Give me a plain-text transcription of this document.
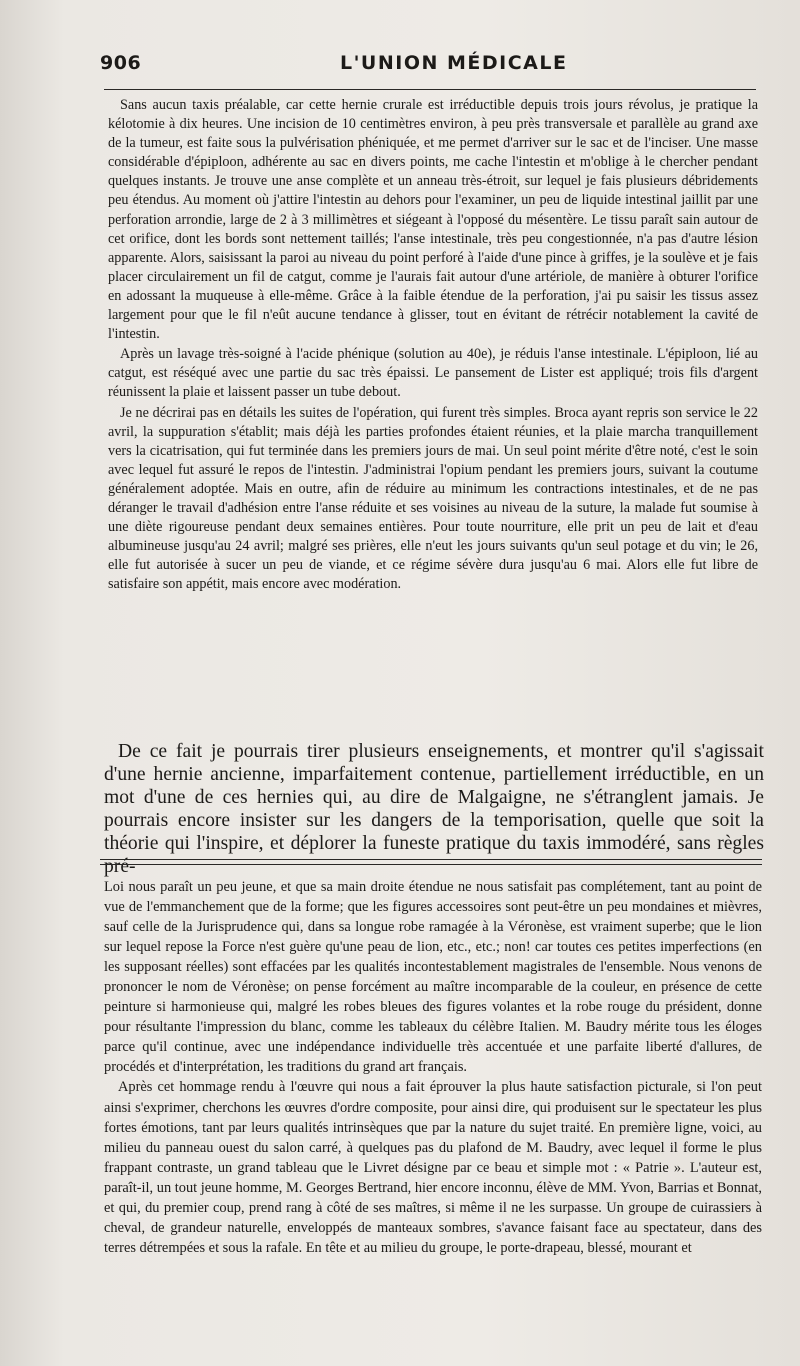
906	L'UNION MÉDICALE

Sans aucun taxis préalable, car cette hernie crurale est irréductible depuis trois jours révolus, je pratique la kélotomie à dix heures. Une incision de 10 centimètres environ, à peu près transversale et parallèle au grand axe de la tumeur, est faite sous la pulvérisation phéniquée, et me permet d'arriver sur le sac et de l'inciser. Une masse considérable d'épiploon, adhérente au sac en divers points, me cache l'intestin et m'oblige à le chercher pendant quelques instants. Je trouve une anse complète et un anneau très-étroit, sur lequel je fais plusieurs débridements peu étendus. Au moment où j'attire l'intestin au dehors pour l'examiner, un peu de liquide intestinal jaillit par une perforation arrondie, large de 2 à 3 millimètres et siégeant à l'opposé du mésentère. Le tissu paraît sain autour de cet orifice, dont les bords sont nettement taillés; l'anse intestinale, très peu congestionnée, n'a pas d'autre lésion apparente. Alors, saisissant la paroi au niveau du point perforé à l'aide d'une pince à griffes, je la soulève et je fais placer circulairement un fil de catgut, comme je l'aurais fait autour d'une artériole, de manière à obturer l'orifice en adossant la muqueuse à elle-même. Grâce à la faible étendue de la perforation, j'ai pu saisir les tissus assez largement pour que le fil n'eût aucune tendance à glisser, tout en évitant de rétrécir notablement la cavité de l'intestin.

Après un lavage très-soigné à l'acide phénique (solution au 40e), je réduis l'anse intestinale. L'épiploon, lié au catgut, est réséqué avec une partie du sac très épaissi. Le pansement de Lister est appliqué; trois fils d'argent réunissent la plaie et laissent passer un tube debout.

Je ne décrirai pas en détails les suites de l'opération, qui furent très simples. Broca ayant repris son service le 22 avril, la suppuration s'établit; mais déjà les parties profondes étaient réunies, et la plaie marcha tranquillement vers la cicatrisation, qui fut terminée dans les premiers jours de mai. Un seul point mérite d'être noté, c'est le soin avec lequel fut assuré le repos de l'intestin. J'administrai l'opium pendant les premiers jours, suivant la coutume généralement adoptée. Mais en outre, afin de réduire au minimum les contractions intestinales, et de ne pas déranger le travail d'adhésion entre l'anse réduite et ses voisines au niveau de la suture, la malade fut soumise à une diète rigoureuse pendant deux semaines entières. Pour toute nourriture, elle prit un peu de lait et d'eau albumineuse jusqu'au 24 avril; malgré ses prières, elle n'eut les jours suivants qu'un seul potage et du vin; le 26, elle fut autorisée à sucer un peu de viande, et ce régime sévère dura jusqu'au 6 mai. Alors elle fut libre de satisfaire son appétit, mais encore avec modération.

De ce fait je pourrais tirer plusieurs enseignements, et montrer qu'il s'agissait d'une hernie ancienne, imparfaitement contenue, partiellement irréductible, en un mot d'une de ces hernies qui, au dire de Malgaigne, ne s'étranglent jamais. Je pourrais encore insister sur les dangers de la temporisation, quelle que soit la théorie qui l'inspire, et déplorer la funeste pratique du taxis immodéré, sans règles pré-

Loi nous paraît un peu jeune, et que sa main droite étendue ne nous satisfait pas complétement, tant au point de vue de l'emmanchement que de la forme; que les figures accessoires sont peut-être un peu mondaines et mièvres, sauf celle de la Jurisprudence qui, dans sa longue robe ramagée à la Véronèse, est vraiment superbe; que le lion sur lequel repose la Force n'est guère qu'une peau de lion, etc., etc.; non! car toutes ces petites imperfections (en les supposant réelles) sont effacées par les qualités incontestablement magistrales de l'ensemble. Nous venons de prononcer le nom de Véronèse; on pense forcément au maître incomparable de la couleur, en présence de cette peinture si harmonieuse qui, malgré les robes bleues des figures volantes et la robe rouge du président, donne pour résultante l'impression du blanc, comme les tableaux du célèbre Italien. M. Baudry mérite tous les éloges parce qu'il continue, avec une indépendance individuelle très accentuée et une parfaite liberté d'allures, de procédés et d'interprétation, les traditions du grand art français.

Après cet hommage rendu à l'œuvre qui nous a fait éprouver la plus haute satisfaction picturale, si l'on peut ainsi s'exprimer, cherchons les œuvres d'ordre composite, pour ainsi dire, qui produisent sur le spectateur les plus fortes émotions, tant par leurs qualités intrinsèques que par la nature du sujet traité. En première ligne, voici, au milieu du panneau ouest du salon carré, à quelques pas du plafond de M. Baudry, avec lequel il forme le plus frappant contraste, un grand tableau que le Livret désigne par ce beau et simple mot : « Patrie ». L'auteur est, paraît-il, un tout jeune homme, M. Georges Bertrand, hier encore inconnu, élève de MM. Yvon, Barrias et Bonnat, et qui, du premier coup, prend rang à côté de ses maîtres, si même il ne les surpasse. Un groupe de cuirassiers à cheval, de grandeur naturelle, enveloppés de manteaux sombres, s'avance faisant face au spectateur, dans des terres détrempées et sous la rafale. En tête et au milieu du groupe, le porte-drapeau, blessé, mourant et
